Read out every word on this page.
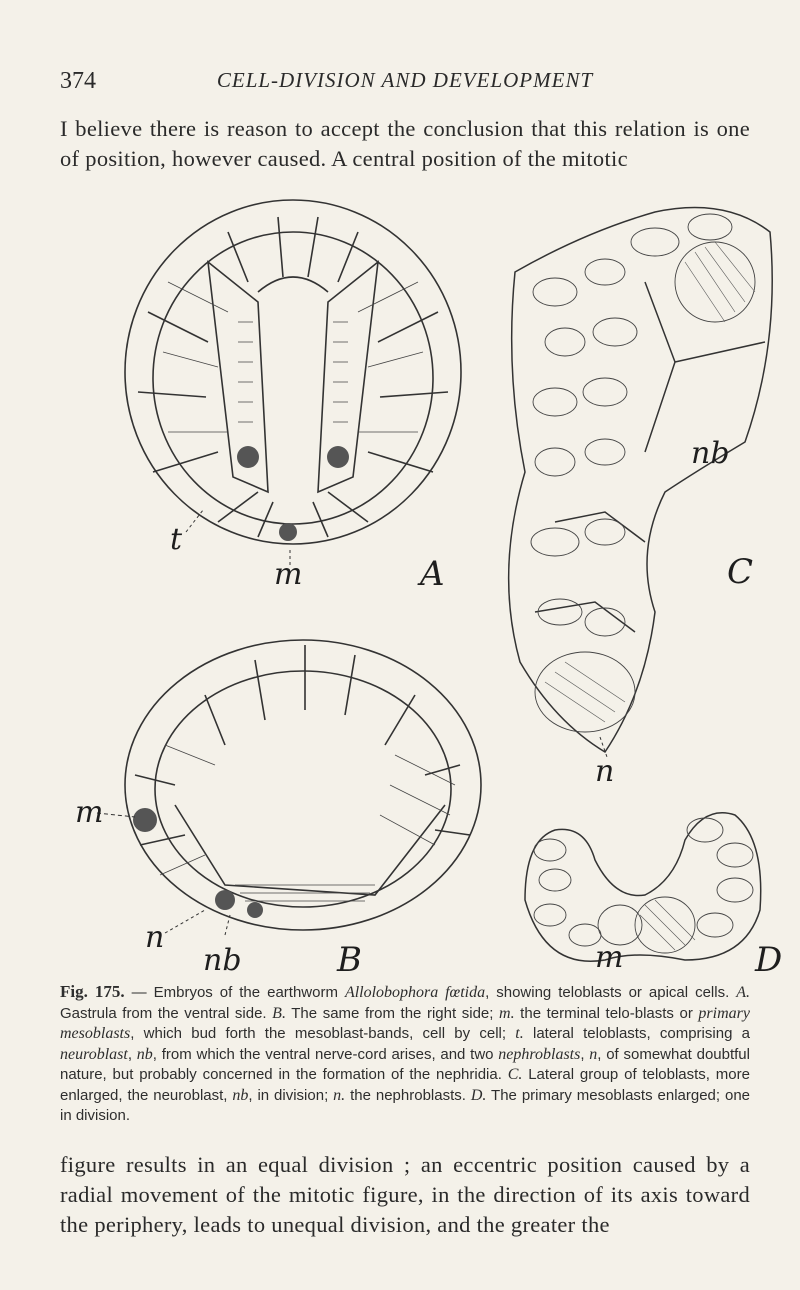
374	CELL-DIVISION AND DEVELOPMENT
I believe there is reason to accept the conclusion that this relation is one of position, however caused. A central position of the mitotic
t
m	A
m
n
nb	B
nb
n
C
m	D
Fig. 175. — Embryos of the earthworm Allolobophora fœtida, showing teloblasts or apical cells. A. Gastrula from the ventral side. B. The same from the right side; m. the terminal telo-blasts or primary mesoblasts, which bud forth the mesoblast-bands, cell by cell; t. lateral teloblasts, comprising a neuroblast, nb, from which the ventral nerve-cord arises, and two nephroblasts, n, of somewhat doubtful nature, but probably concerned in the formation of the nephridia. C. Lateral group of teloblasts, more enlarged, the neuroblast, nb, in division; n. the nephroblasts. D. The primary mesoblasts enlarged; one in division.
figure results in an equal division ; an eccentric position caused by a radial movement of the mitotic figure, in the direction of its axis toward the periphery, leads to unequal division, and the greater the
